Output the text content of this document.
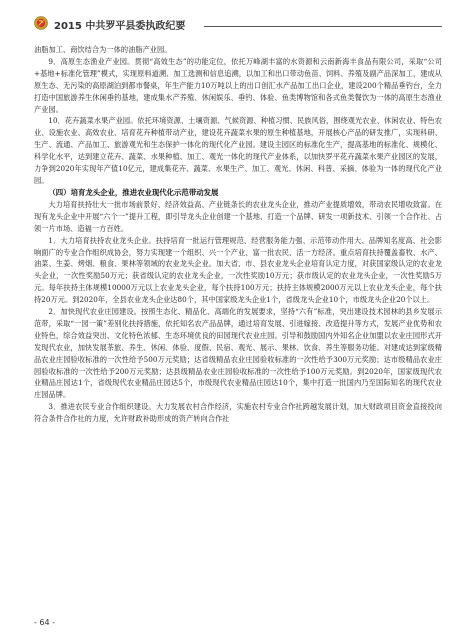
2015 中共罗平县委执政纪要

油脂加工、商饮结合为一体的油脂产业园。

9．高原生态渔业产业园。贯彻“高效生态”的功能定位，依托万峰湖丰富的水资源和云南新海丰食品有限公司，采取“公司+基地+标准化管理”模式，实现原料道溯、加工选测和信息追溯，以加工和出口带动鱼苗、饲料、养殖及副产品深加工，建成从原生态、无污染的高原湖泊到都市餐桌，年生产能力10万吨以上的出口创汇水产品加工出口企业，建设200个精品垂钓台，全力打造中国旅游养生休闲垂钓基地，建成集水产养殖、休闲娱乐、垂钓、体验、鱼类博物馆和各式鱼类餐饮为一体的高原生态渔业产业园。

10．花卉蔬菜水果产业园。依托环境资源、土壤资源、气候资源、种植习惯、民族风俗，围绕观光农业、休闲农业、特色农业、设施农业、高效农业、培育花卉种植带动产业，建设花卉蔬菜水果的原生种植基地，开展核心产品的研发推广，实现科研、生产、流通、产品加工、旅游观光和生态保护一体化的现代化产业园。建设主园区的标准化生产，提高基地的标准化、规模化、科学化水平，达到建立花卉、蔬菜、水果种植、加工、观光一体化的现代产业体系，以加快罗平花卉蔬菜水果产业园区的发展，力争到2020年实现年产值10亿元，建成集花卉、蔬菜、水果生产、加工、观光、休闲、科普、采摘、体验为一体的现代化产业园。

（四）培育龙头企业，推进农业现代化示范带动发展

大力培育扶持壮大一批市场前景好、经济效益高、产业链条长的农业龙头企业，推动产业提质增效，带动农民增收致富。在现有龙头企业中开展“六个一”提升工程，即引导龙头企业创建一个基地、打造一个品牌、研发一项新技术、引领一个合作社、占领一片市场、造福一方百姓。

1．大力培育扶持农业龙头企业。扶持培育一批运行管理规范、经营服务能力强、示范带动作用大、品牌知名度高、社会影响面广的专业合作组织成协会，努力实现建一个组织、兴一个产业、富一批农民、活一方经济。重点培育扶持覆盖畜牧、水产、油菜、生姜、烤烟、粮食、果林等领域的农业龙头企业。加大省、市、县农业龙头企业培育认定力度，对获国家级认定的农业龙头企业，一次性奖励50万元；获省级认定的农业龙头企业，一次性奖励10万元；获市级认定的农业龙头企业，一次性奖励5万元。每年扶持主体规模10000万元以上农业龙头企业，每个扶持100万元；扶持主体规模2000万元以上农业龙头企业，每个扶持20万元。到2020年，全县农业龙头企业达80个，其中国家级龙头企业1个，省级龙头企业10个，市级龙头企业20个以上。

2．加快现代农业庄园建设。按照生态化、精品化、高端化的发展要求，坚持“六有”标准，突出建设技术园林的县乡发展示范带，采取“一园一策”差别化扶持措施，依托知名农产品品牌，通过培育发展、引进嫁接、改造提升等方式，发展产业优势和农业特色，综合效益突出、文化特色浓郁、生态环境优良的田园现代农业庄园。引导和鼓励国内外知名企业加盟以农业庄园形式开发现代农业，加快发展茶旅、养生、休闲、体验、度假、民宿、观光、展示、果林、饮食、养生等服务功能。对建成达到家级精品农业庄园验收标准的一次性给予500万元奖励；达省级精品农业庄园验收标准的一次性给予300万元奖励；达市级精品农业庄园验收标准的一次性给予200万元奖励；达县级精品农业庄园验收标准的一次性给予100万元奖励。到2020年，国家级现代农业精品庄园达1个，省级现代农业精品庄园达5个，市级现代农业精品庄园达10个，集中打造一批国内乃至国际知名的现代农业庄园品牌。

3．推进农民专业合作组织建设。大力发展农村合作经济，实施农村专业合作社跨越发展计划，加大财政项目资金直接投向符合条件合作社的力度，允许财政补助形成的资产转向合作社

- 64 -
